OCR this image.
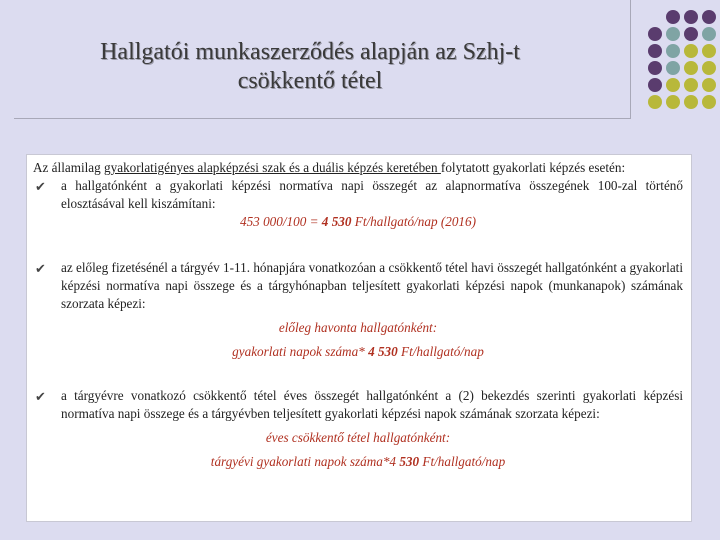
Hallgatói munkaszerződés alapján az Szhj-t
csökkentő tétel

Az államilag gyakorlatigényes alapképzési szak és a duális képzés keretében folytatott gyakorlati képzés esetén:

✔ a hallgatónként a gyakorlati képzési normatíva napi összegét az alapnormatíva összegének 100-zal történő elosztásával kell kiszámítani:

453 000/100 = 4 530 Ft/hallgató/nap (2016)

✔ az előleg fizetésénél a tárgyév 1-11. hónapjára vonatkozóan a csökkentő tétel havi összegét hallgatónként a gyakorlati képzési normatíva napi összege és a tárgyhónapban teljesített gyakorlati képzési napok (munkanapok) számának szorzata képezi:

előleg havonta hallgatónként:

gyakorlati napok száma* 4 530 Ft/hallgató/nap

✔ a tárgyévre vonatkozó csökkentő tétel éves összegét hallgatónként a (2) bekezdés szerinti gyakorlati képzési normatíva napi összege és a tárgyévben teljesített gyakorlati képzési napok számának szorzata képezi:

éves csökkentő tétel hallgatónként:

tárgyévi gyakorlati napok száma*4 530 Ft/hallgató/nap
